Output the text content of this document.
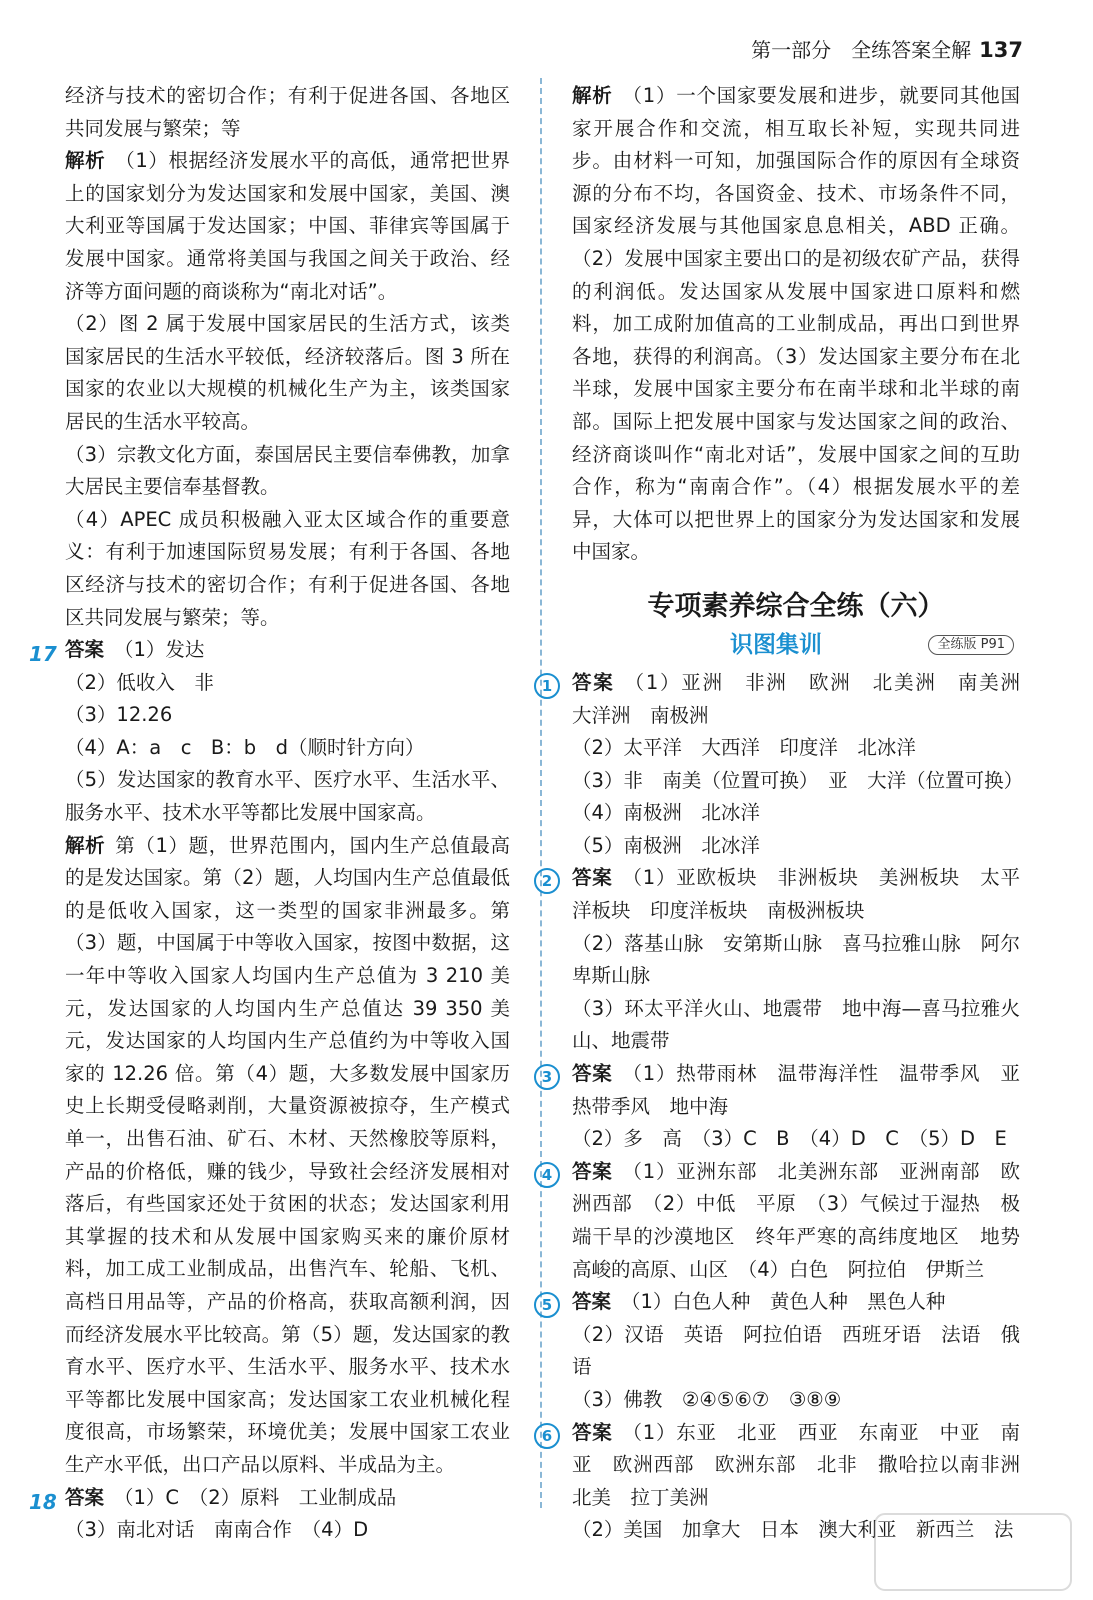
第一部分　全练答案全解 137

经济与技术的密切合作；有利于促进各国、各地区共同发展与繁荣；等

解析 （1）根据经济发展水平的高低，通常把世界上的国家划分为发达国家和发展中国家，美国、澳大利亚等国属于发达国家；中国、菲律宾等国属于发展中国家。通常将美国与我国之间关于政治、经济等方面问题的商谈称为“南北对话”。

（2）图 2 属于发展中国家居民的生活方式，该类国家居民的生活水平较低，经济较落后。图 3 所在国家的农业以大规模的机械化生产为主，该类国家居民的生活水平较高。

（3）宗教文化方面，泰国居民主要信奉佛教，加拿大居民主要信奉基督教。

（4）APEC 成员积极融入亚太区域合作的重要意义：有利于加速国际贸易发展；有利于各国、各地区经济与技术的密切合作；有利于促进各国、各地区共同发展与繁荣；等。

17 答案 （1）发达

（2）低收入　非

（3）12.26

（4）A：a　c　B：b　d（顺时针方向）

（5）发达国家的教育水平、医疗水平、生活水平、服务水平、技术水平等都比发展中国家高。

解析 第（1）题，世界范围内，国内生产总值最高的是发达国家。第（2）题，人均国内生产总值最低的是低收入国家，这一类型的国家非洲最多。第（3）题，中国属于中等收入国家，按图中数据，这一年中等收入国家人均国内生产总值为 3 210 美元，发达国家的人均国内生产总值达 39 350 美元，发达国家的人均国内生产总值约为中等收入国家的 12.26 倍。第（4）题，大多数发展中国家历史上长期受侵略剥削，大量资源被掠夺，生产模式单一，出售石油、矿石、木材、天然橡胶等原料，产品的价格低，赚的钱少，导致社会经济发展相对落后，有些国家还处于贫困的状态；发达国家利用其掌握的技术和从发展中国家购买来的廉价原材料，加工成工业制成品，出售汽车、轮船、飞机、高档日用品等，产品的价格高，获取高额利润，因而经济发展水平比较高。第（5）题，发达国家的教育水平、医疗水平、生活水平、服务水平、技术水平等都比发展中国家高；发达国家工农业机械化程度很高，市场繁荣，环境优美；发展中国家工农业生产水平低，出口产品以原料、半成品为主。

18 答案 （1）C　（2）原料　工业制成品

（3）南北对话　南南合作　（4）D

解析 （1）一个国家要发展和进步，就要同其他国家开展合作和交流，相互取长补短，实现共同进步。由材料一可知，加强国际合作的原因有全球资源的分布不均，各国资金、技术、市场条件不同，国家经济发展与其他国家息息相关，ABD 正确。（2）发展中国家主要出口的是初级农矿产品，获得的利润低。发达国家从发展中国家进口原料和燃料，加工成附加值高的工业制成品，再出口到世界各地，获得的利润高。（3）发达国家主要分布在北半球，发展中国家主要分布在南半球和北半球的南部。国际上把发展中国家与发达国家之间的政治、经济商谈叫作“南北对话”，发展中国家之间的互助合作，称为“南南合作”。（4）根据发展水平的差异，大体可以把世界上的国家分为发达国家和发展中国家。

专项素养综合全练（六）
识图集训	全练版 P91
1	答案 （1）亚洲　非洲　欧洲　北美洲　南美洲　大洋洲　南极洲

（2）太平洋　大西洋　印度洋　北冰洋

（3）非　南美（位置可换）　亚　大洋（位置可换）

（4）南极洲　北冰洋

（5）南极洲　北冰洋

2	答案 （1）亚欧板块　非洲板块　美洲板块　太平洋板块　印度洋板块　南极洲板块

（2）落基山脉　安第斯山脉　喜马拉雅山脉　阿尔卑斯山脉

（3）环太平洋火山、地震带　地中海—喜马拉雅火山、地震带

3	答案 （1）热带雨林　温带海洋性　温带季风　亚热带季风　地中海

（2）多　高　（3）C　B　（4）D　C　（5）D　E

4	答案 （1）亚洲东部　北美洲东部　亚洲南部　欧洲西部　（2）中低　平原　（3）气候过于湿热　极端干旱的沙漠地区　终年严寒的高纬度地区　地势高峻的高原、山区　（4）白色　阿拉伯　伊斯兰

5	答案 （1）白色人种　黄色人种　黑色人种

（2）汉语　英语　阿拉伯语　西班牙语　法语　俄语

（3）佛教　②④⑤⑥⑦　③⑧⑨

6	答案 （1）东亚　北亚　西亚　东南亚　中亚　南亚　欧洲西部　欧洲东部　北非　撒哈拉以南非洲　北美　拉丁美洲

（2）美国　加拿大　日本　澳大利亚　新西兰　法
